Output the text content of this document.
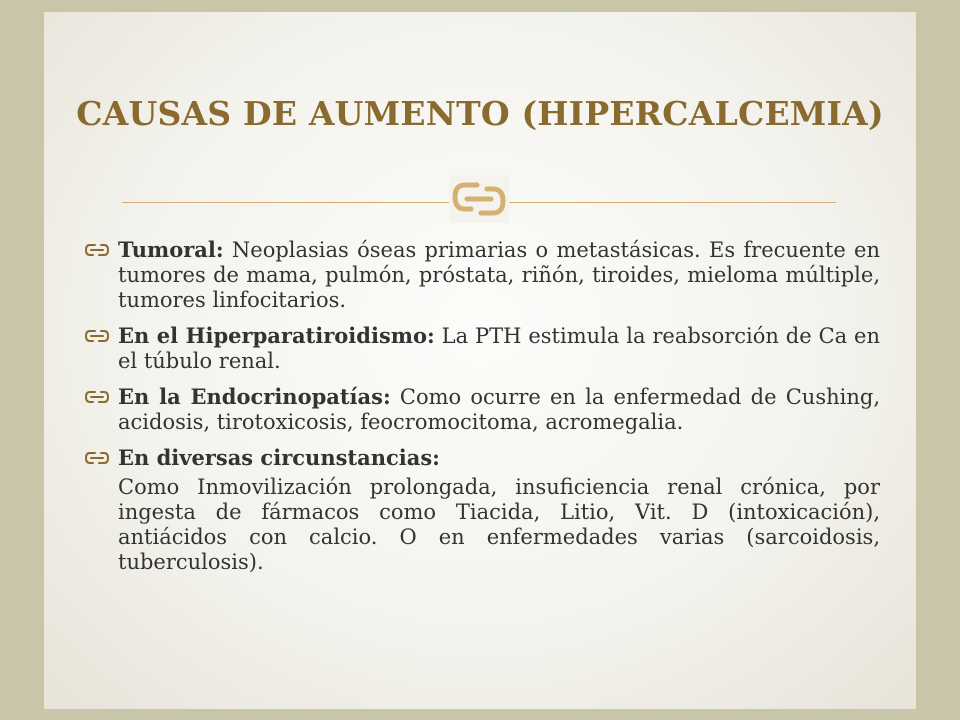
CAUSAS DE AUMENTO (HIPERCALCEMIA)
Tumoral: Neoplasias óseas primarias o metastásicas. Es frecuente en tumores de mama, pulmón, próstata, riñón, tiroides, mieloma múltiple, tumores linfocitarios.
En el Hiperparatiroidismo: La PTH estimula la reabsorción de Ca en el túbulo renal.
En la Endocrinopatías: Como ocurre en la enfermedad de Cushing, acidosis, tirotoxicosis, feocromocitoma, acromegalia.
En diversas circunstancias:
Como Inmovilización prolongada, insuficiencia renal crónica, por ingesta de fármacos como Tiacida, Litio, Vit. D (intoxicación), antiácidos con calcio. O en enfermedades varias (sarcoidosis, tuberculosis).
